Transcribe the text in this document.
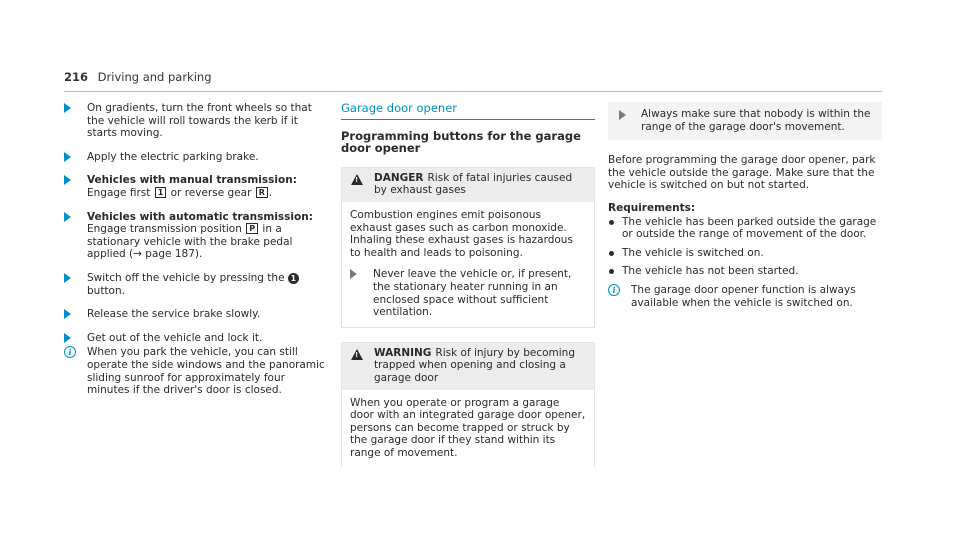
216 Driving and parking
On gradients, turn the front wheels so that the vehicle will roll towards the kerb if it starts moving.
Apply the electric parking brake.
Vehicles with manual transmission: Engage first 1 or reverse gear R .
Vehicles with automatic transmission: Engage transmission position P in a stationary vehicle with the brake pedal applied (→ page 187).
Switch off the vehicle by pressing the 1 button.
Release the service brake slowly.
Get out of the vehicle and lock it.
i	When you park the vehicle, you can still operate the side windows and the panoramic sliding sunroof for approximately four minutes if the driver's door is closed.
Garage door opener
Programming buttons for the garage door opener
!
DANGER Risk of fatal injuries caused by exhaust gases
Combustion engines emit poisonous exhaust gases such as carbon monoxide. Inhaling these exhaust gases is hazardous to health and leads to poisoning.
Never leave the vehicle or, if present, the stationary heater running in an enclosed space without sufficient ventilation.
!
WARNING Risk of injury by becoming trapped when opening and closing a garage door
When you operate or program a garage door with an integrated garage door opener, persons can become trapped or struck by the garage door if they stand within its range of movement.
Always make sure that nobody is within the range of the garage door's movement.
Before programming the garage door opener, park the vehicle outside the garage. Make sure that the vehicle is switched on but not started.
Requirements:
The vehicle has been parked outside the garage or outside the range of movement of the door.
The vehicle is switched on.
The vehicle has not been started.
i	The garage door opener function is always available when the vehicle is switched on.
